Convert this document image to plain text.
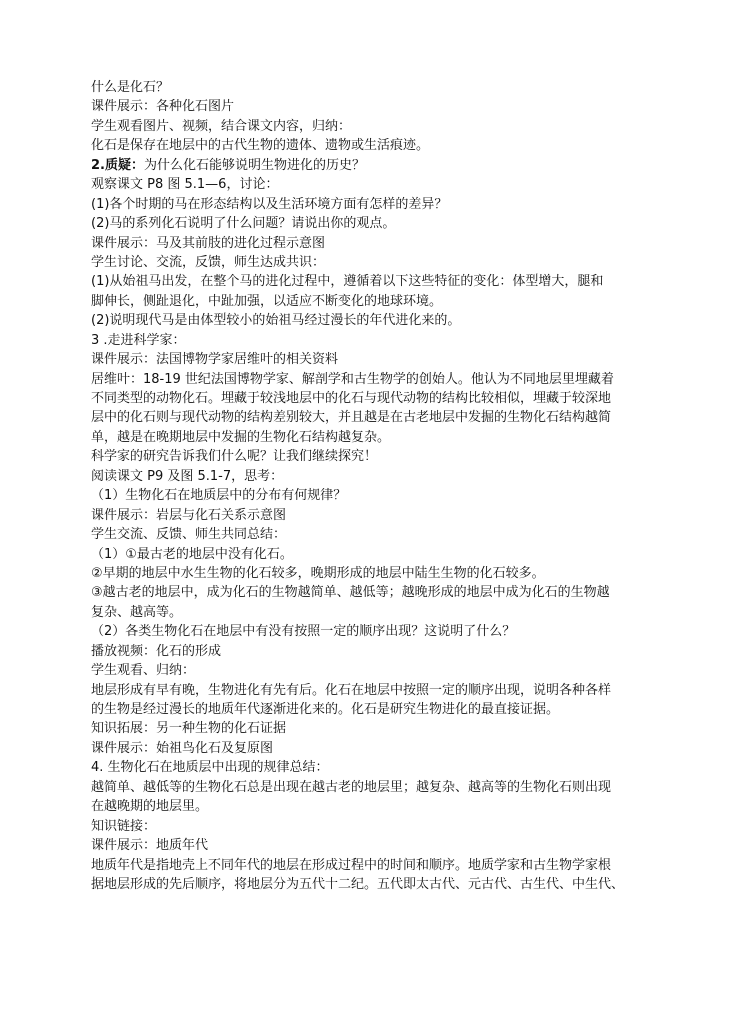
什么是化石？
课件展示：各种化石图片
学生观看图片、视频，结合课文内容，归纳：
化石是保存在地层中的古代生物的遗体、遗物或生活痕迹。
2.质疑：为什么化石能够说明生物进化的历史？
观察课文 P8 图 5.1—6，讨论：
(1)各个时期的马在形态结构以及生活环境方面有怎样的差异？
(2)马的系列化石说明了什么问题？请说出你的观点。
课件展示：马及其前肢的进化过程示意图
学生讨论、交流，反馈，师生达成共识：
(1)从始祖马出发，在整个马的进化过程中，遵循着以下这些特征的变化：体型增大，腿和
脚伸长，侧趾退化，中趾加强，以适应不断变化的地球环境。
(2)说明现代马是由体型较小的始祖马经过漫长的年代进化来的。
3 .走进科学家：
课件展示：法国博物学家居维叶的相关资料
居维叶：18-19 世纪法国博物学家、解剖学和古生物学的创始人。他认为不同地层里埋藏着
不同类型的动物化石。埋藏于较浅地层中的化石与现代动物的结构比较相似，埋藏于较深地
层中的化石则与现代动物的结构差别较大，并且越是在古老地层中发掘的生物化石结构越简
单，越是在晚期地层中发掘的生物化石结构越复杂。
科学家的研究告诉我们什么呢？让我们继续探究！
阅读课文 P9 及图 5.1-7，思考：
（1）生物化石在地质层中的分布有何规律？
课件展示：岩层与化石关系示意图
学生交流、反馈、师生共同总结：
（1）①最古老的地层中没有化石。
②早期的地层中水生生物的化石较多，晚期形成的地层中陆生生物的化石较多。
③越古老的地层中，成为化石的生物越简单、越低等；越晚形成的地层中成为化石的生物越
复杂、越高等。
（2）各类生物化石在地层中有没有按照一定的顺序出现？这说明了什么？
播放视频：化石的形成
学生观看、归纳：
地层形成有早有晚，生物进化有先有后。化石在地层中按照一定的顺序出现，说明各种各样
的生物是经过漫长的地质年代逐渐进化来的。化石是研究生物进化的最直接证据。
知识拓展：另一种生物的化石证据
课件展示：始祖鸟化石及复原图
4. 生物化石在地质层中出现的规律总结：
越简单、越低等的生物化石总是出现在越古老的地层里；越复杂、越高等的生物化石则出现
在越晚期的地层里。
知识链接：
课件展示：地质年代
地质年代是指地壳上不同年代的地层在形成过程中的时间和顺序。地质学家和古生物学家根
据地层形成的先后顺序，将地层分为五代十二纪。五代即太古代、元古代、古生代、中生代、
